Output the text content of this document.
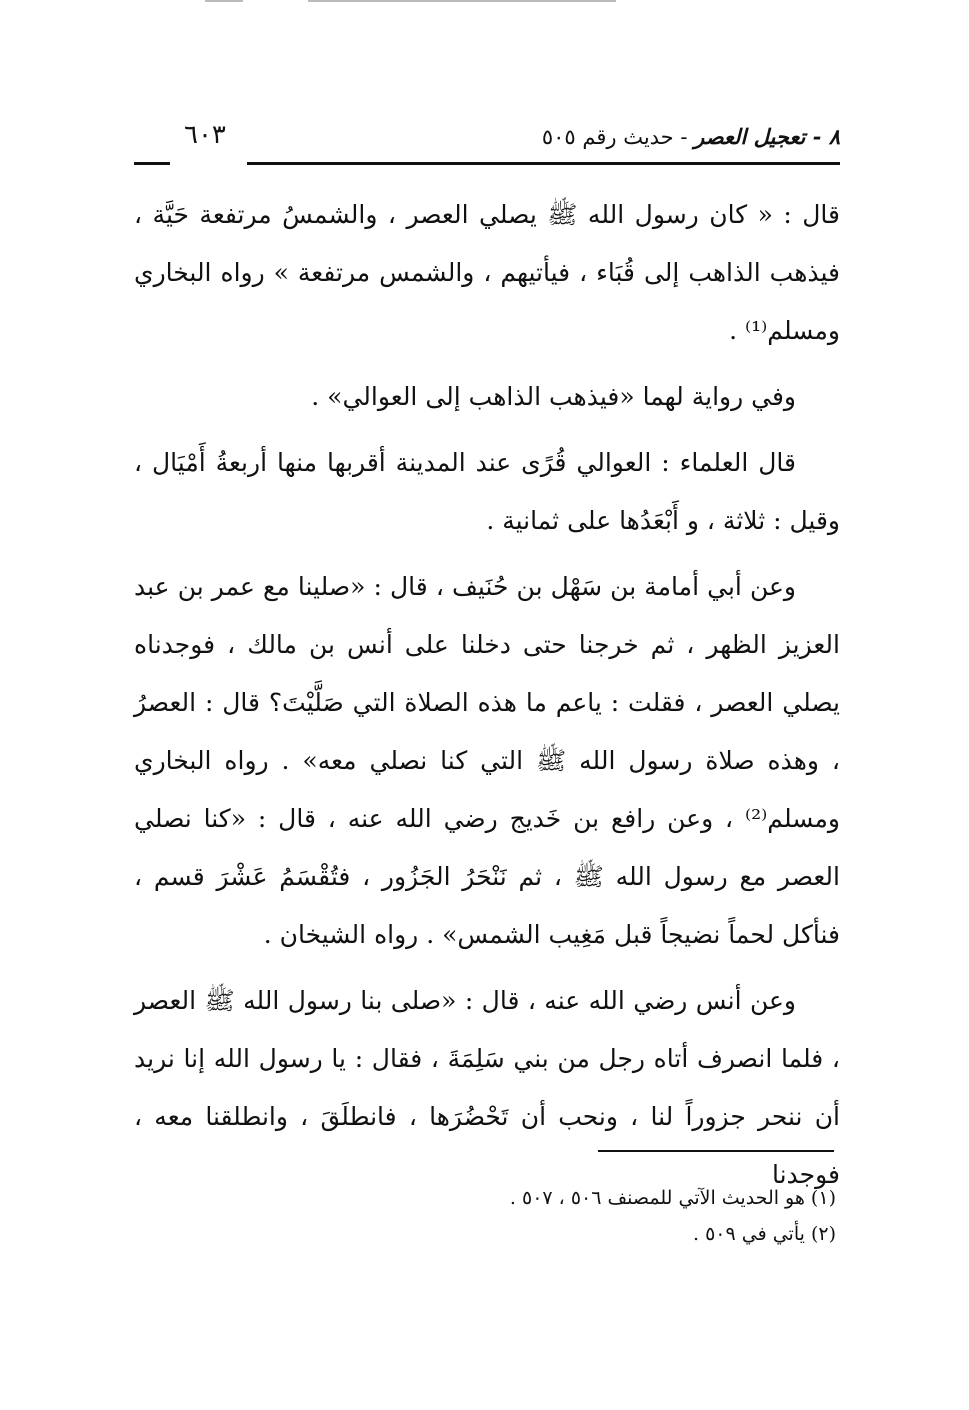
٨ - تعجيل العصر - حديث رقم ٥٠٥
٦٠٣

قال : « كان رسول الله ﷺ يصلي العصر ، والشمسُ مرتفعة حَيَّة ، فيذهب الذاهب إلى قُبَاء ، فيأتيهم ، والشمس مرتفعة » رواه البخاري ومسلم⁽¹⁾ .

وفي رواية لهما «فيذهب الذاهب إلى العوالي» .

قال العلماء : العوالي قُرًى عند المدينة أقربها منها أربعةُ أَمْيَال ، وقيل : ثلاثة ، و أَبْعَدُها على ثمانية .

وعن أبي أمامة بن سَهْل بن حُنَيف ، قال : «صلينا مع عمر بن عبد العزيز الظهر ، ثم خرجنا حتى دخلنا على أنس بن مالك ، فوجدناه يصلي العصر ، فقلت : ياعم ما هذه الصلاة التي صَلَّيْتَ؟ قال : العصرُ ، وهذه صلاة رسول الله ﷺ التي كنا نصلي معه» . رواه البخاري ومسلم⁽²⁾ ، وعن رافع بن خَديج رضي الله عنه ، قال : «كنا نصلي العصر مع رسول الله ﷺ ، ثم نَنْحَرُ الجَزُور ، فتُقْسَمُ عَشْرَ قسم ، فنأكل لحماً نضيجاً قبل مَغِيب الشمس» . رواه الشيخان .

وعن أنس رضي الله عنه ، قال : «صلى بنا رسول الله ﷺ العصر ، فلما انصرف أتاه رجل من بني سَلِمَةَ ، فقال : يا رسول الله إنا نريد أن ننحر جزوراً لنا ، ونحب أن تَحْضُرَها ، فانطلَقَ ، وانطلقنا معه ، فوجدنا

(١) هو الحديث الآتي للمصنف ٥٠٦ ، ٥٠٧ .
(٢) يأتي في ٥٠٩ .
